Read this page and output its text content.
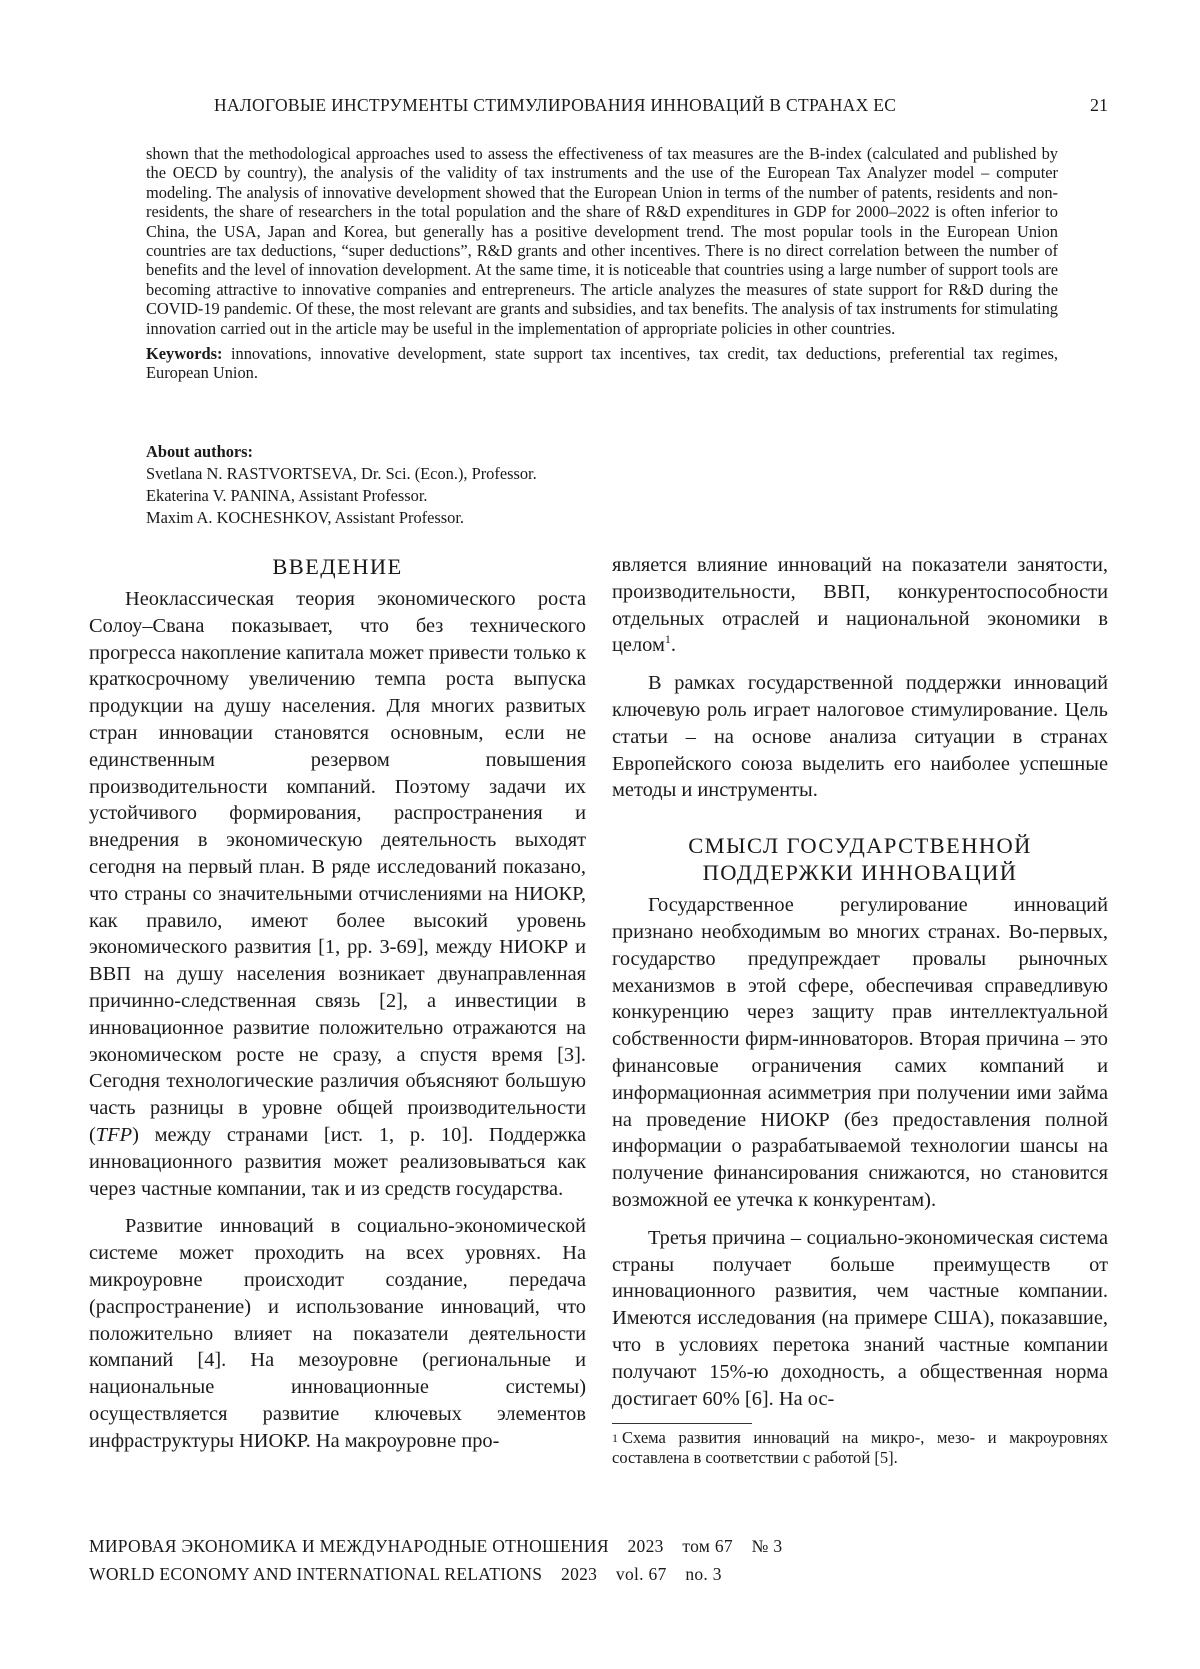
НАЛОГОВЫЕ ИНСТРУМЕНТЫ СТИМУЛИРОВАНИЯ ИННОВАЦИЙ В СТРАНАХ ЕС	21

shown that the methodological approaches used to assess the effectiveness of tax measures are the B-index (calculated and published by the OECD by country), the analysis of the validity of tax instruments and the use of the European Tax Analyzer model – computer modeling. The analysis of innovative development showed that the European Union in terms of the number of patents, residents and non-residents, the share of researchers in the total population and the share of R&D expenditures in GDP for 2000–2022 is often inferior to China, the USA, Japan and Korea, but generally has a positive development trend. The most popular tools in the European Union countries are tax deductions, “super deductions”, R&D grants and other incentives. There is no direct correlation between the number of benefits and the level of innovation development. At the same time, it is noticeable that countries using a large number of support tools are becoming attractive to innovative companies and entrepreneurs. The article analyzes the measures of state support for R&D during the COVID-19 pandemic. Of these, the most relevant are grants and subsidies, and tax benefits. The analysis of tax instruments for stimulating innovation carried out in the article may be useful in the implementation of appropriate policies in other countries.

Keywords: innovations, innovative development, state support tax incentives, tax credit, tax deductions, preferential tax regimes, European Union.

About authors:
Svetlana N. RASTVORTSEVA, Dr. Sci. (Econ.), Professor.
Ekaterina V. PANINA, Assistant Professor.
Maxim A. KOCHESHKOV, Assistant Professor.
ВВЕДЕНИЕ

Неоклассическая теория экономического роста Солоу–Свана показывает, что без технического прогресса накопление капитала может привести только к краткосрочному увеличению темпа роста выпуска продукции на душу населения. Для многих развитых стран инновации становятся основным, если не единственным резервом повышения производительности компаний. Поэтому задачи их устойчивого формирования, распространения и внедрения в экономическую деятельность выходят сегодня на первый план. В ряде исследований показано, что страны со значительными отчислениями на НИОКР, как правило, имеют более высокий уровень экономического развития [1, pp. 3-69], между НИОКР и ВВП на душу населения возникает двунаправленная причинно-следственная связь [2], а инвестиции в инновационное развитие положительно отражаются на экономическом росте не сразу, а спустя время [3]. Сегодня технологические различия объясняют большую часть разницы в уровне общей производительности (TFP) между странами [ист. 1, p. 10]. Поддержка инновационного развития может реализовываться как через частные компании, так и из средств государства.

Развитие инноваций в социально-экономической системе может проходить на всех уровнях. На микроуровне происходит создание, передача (распространение) и использование инноваций, что положительно влияет на показатели деятельности компаний [4]. На мезоуровне (региональные и национальные инновационные системы) осуществляется развитие ключевых элементов инфраструктуры НИОКР. На макроуровне про-

является влияние инноваций на показатели занятости, производительности, ВВП, конкурентоспособности отдельных отраслей и национальной экономики в целом$^1$.

В рамках государственной поддержки инноваций ключевую роль играет налоговое стимулирование. Цель статьи – на основе анализа ситуации в странах Европейского союза выделить его наиболее успешные методы и инструменты.

СМЫСЛ ГОСУДАРСТВЕННОЙ
ПОДДЕРЖКИ ИННОВАЦИЙ

Государственное регулирование инноваций признано необходимым во многих странах. Во-первых, государство предупреждает провалы рыночных механизмов в этой сфере, обеспечивая справедливую конкуренцию через защиту прав интеллектуальной собственности фирм-инноваторов. Вторая причина – это финансовые ограничения самих компаний и информационная асимметрия при получении ими займа на проведение НИОКР (без предоставления полной информации о разрабатываемой технологии шансы на получение финансирования снижаются, но становится возможной ее утечка к конкурентам).

Третья причина – социально-экономическая система страны получает больше преимуществ от инновационного развития, чем частные компании. Имеются исследования (на примере США), показавшие, что в условиях перетока знаний частные компании получают 15%-ю доходность, а общественная норма достигает 60% [6]. На ос-

$^1$ Схема развития инноваций на микро-, мезо- и макроуровнях составлена в соответствии с работой [5].
МИРОВАЯ ЭКОНОМИКА И МЕЖДУНАРОДНЫЕ ОТНОШЕНИЯ 2023 том 67 № 3
WORLD ECONOMY AND INTERNATIONAL RELATIONS 2023 vol. 67 no. 3
